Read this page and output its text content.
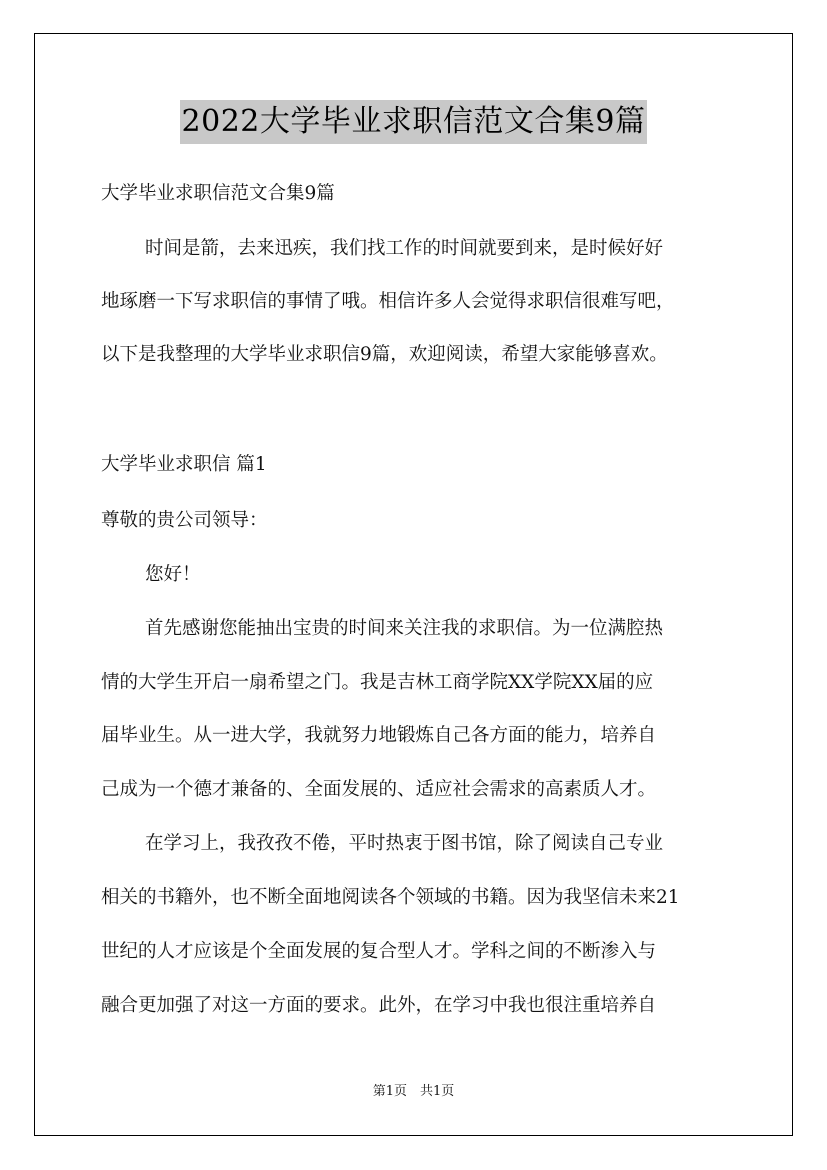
2022大学毕业求职信范文合集9篇
大学毕业求职信范文合集9篇
时间是箭，去来迅疾，我们找工作的时间就要到来，是时候好好
地琢磨一下写求职信的事情了哦。相信许多人会觉得求职信很难写吧，
以下是我整理的大学毕业求职信9篇，欢迎阅读，希望大家能够喜欢。
大学毕业求职信 篇1
尊敬的贵公司领导：
您好！
首先感谢您能抽出宝贵的时间来关注我的求职信。为一位满腔热
情的大学生开启一扇希望之门。我是吉林工商学院XX学院XX届的应
届毕业生。从一进大学，我就努力地锻炼自己各方面的能力，培养自
己成为一个德才兼备的、全面发展的、适应社会需求的高素质人才。
在学习上，我孜孜不倦，平时热衷于图书馆，除了阅读自己专业
相关的书籍外，也不断全面地阅读各个领域的书籍。因为我坚信未来21
世纪的人才应该是个全面发展的复合型人才。学科之间的不断渗入与
融合更加强了对这一方面的要求。此外，在学习中我也很注重培养自
第1页　共1页
